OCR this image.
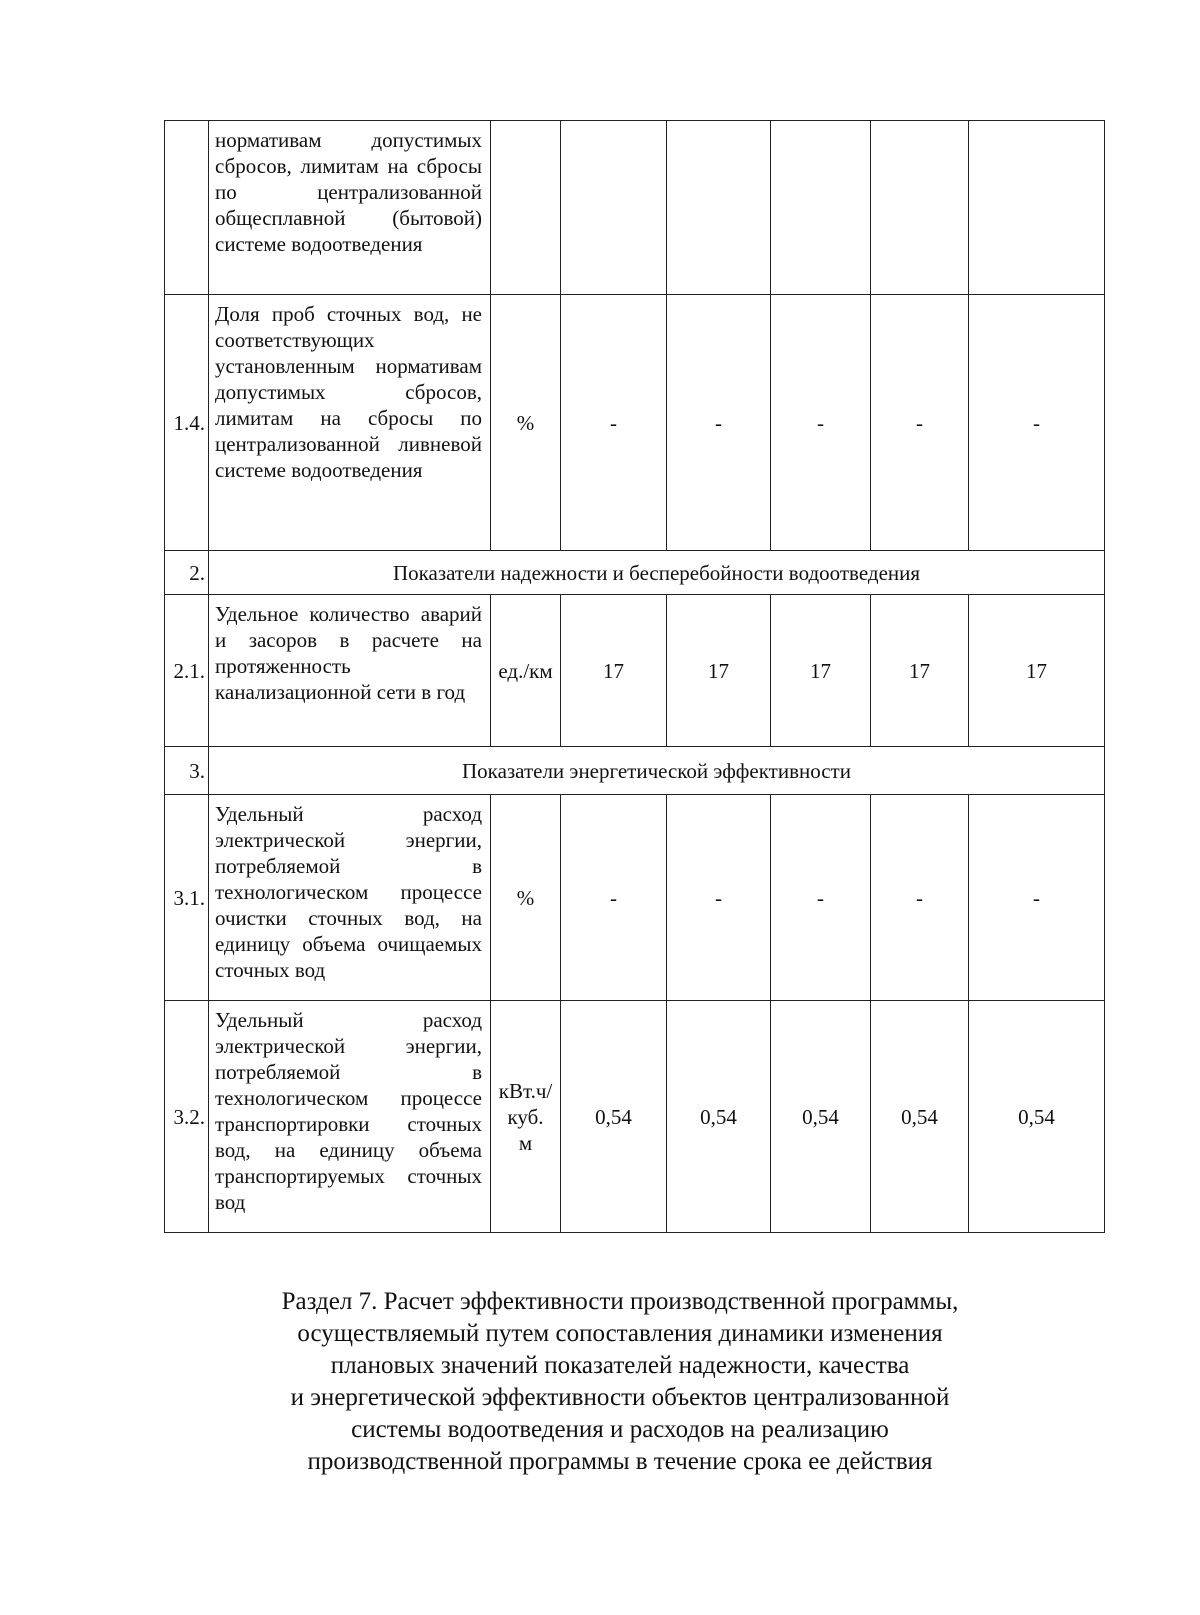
	нормативам допустимых сбросов, лимитам на сбросы по централизованной общесплавной (бытовой) системе водоотведения						
1.4.	Доля проб сточных вод, не соответствующих установленным нормативам допустимых сбросов, лимитам на сбросы по централизованной ливневой системе водоотведения	%	-	-	-	-	-
2.	Показатели надежности и бесперебойности водоотведения						
2.1.	Удельное количество аварий и засоров в расчете на протяженность канализационной сети в год	ед./км	17	17	17	17	17
3.	Показатели энергетической эффективности						
3.1.	Удельный расход электрической энергии, потребляемой в технологическом процессе очистки сточных вод, на единицу объема очищаемых сточных вод	%	-	-	-	-	-
3.2.	Удельный расход электрической энергии, потребляемой в технологическом процессе транспортировки сточных вод, на единицу объема транспортируемых сточных вод	кВт.ч/
куб.
м	0,54	0,54	0,54	0,54	0,54
Раздел 7. Расчет эффективности производственной программы,
осуществляемый путем сопоставления динамики изменения
плановых значений показателей надежности, качества
и энергетической эффективности объектов централизованной
системы водоотведения и расходов на реализацию
производственной программы в течение срока ее действия
